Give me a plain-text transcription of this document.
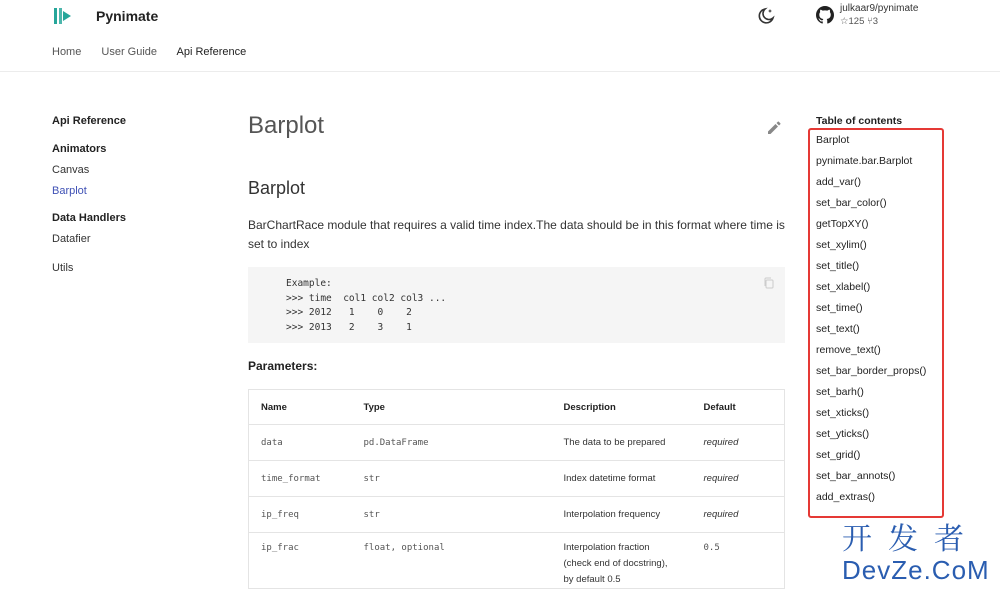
Pynimate	julkaar9/pynimate
☆125 ⑂3
Home User Guide Api Reference
Api Reference
Animators
Canvas
Barplot
Data Handlers
Datafier
Utils
Barplot
Barplot
BarChartRace module that requires a valid time index.The data should be in this format where time is set to index
Example:
>>> time  col1 col2 col3 ...
>>> 2012   1    0    2
>>> 2013   2    3    1
Parameters:
Name	Type	Description	Default
data	pd.DataFrame	The data to be prepared	required
time_format	str	Index datetime format	required
ip_freq	str	Interpolation frequency	required
ip_frac	float, optional	Interpolation fraction (check end of docstring), by default 0.5	0.5
Table of contents
Barplot
pynimate.bar.Barplot
add_var()
set_bar_color()
getTopXY()
set_xylim()
set_title()
set_xlabel()
set_time()
set_text()
remove_text()
set_bar_border_props()
set_barh()
set_xticks()
set_yticks()
set_grid()
set_bar_annots()
add_extras()
开发者
DevZe.CoM
